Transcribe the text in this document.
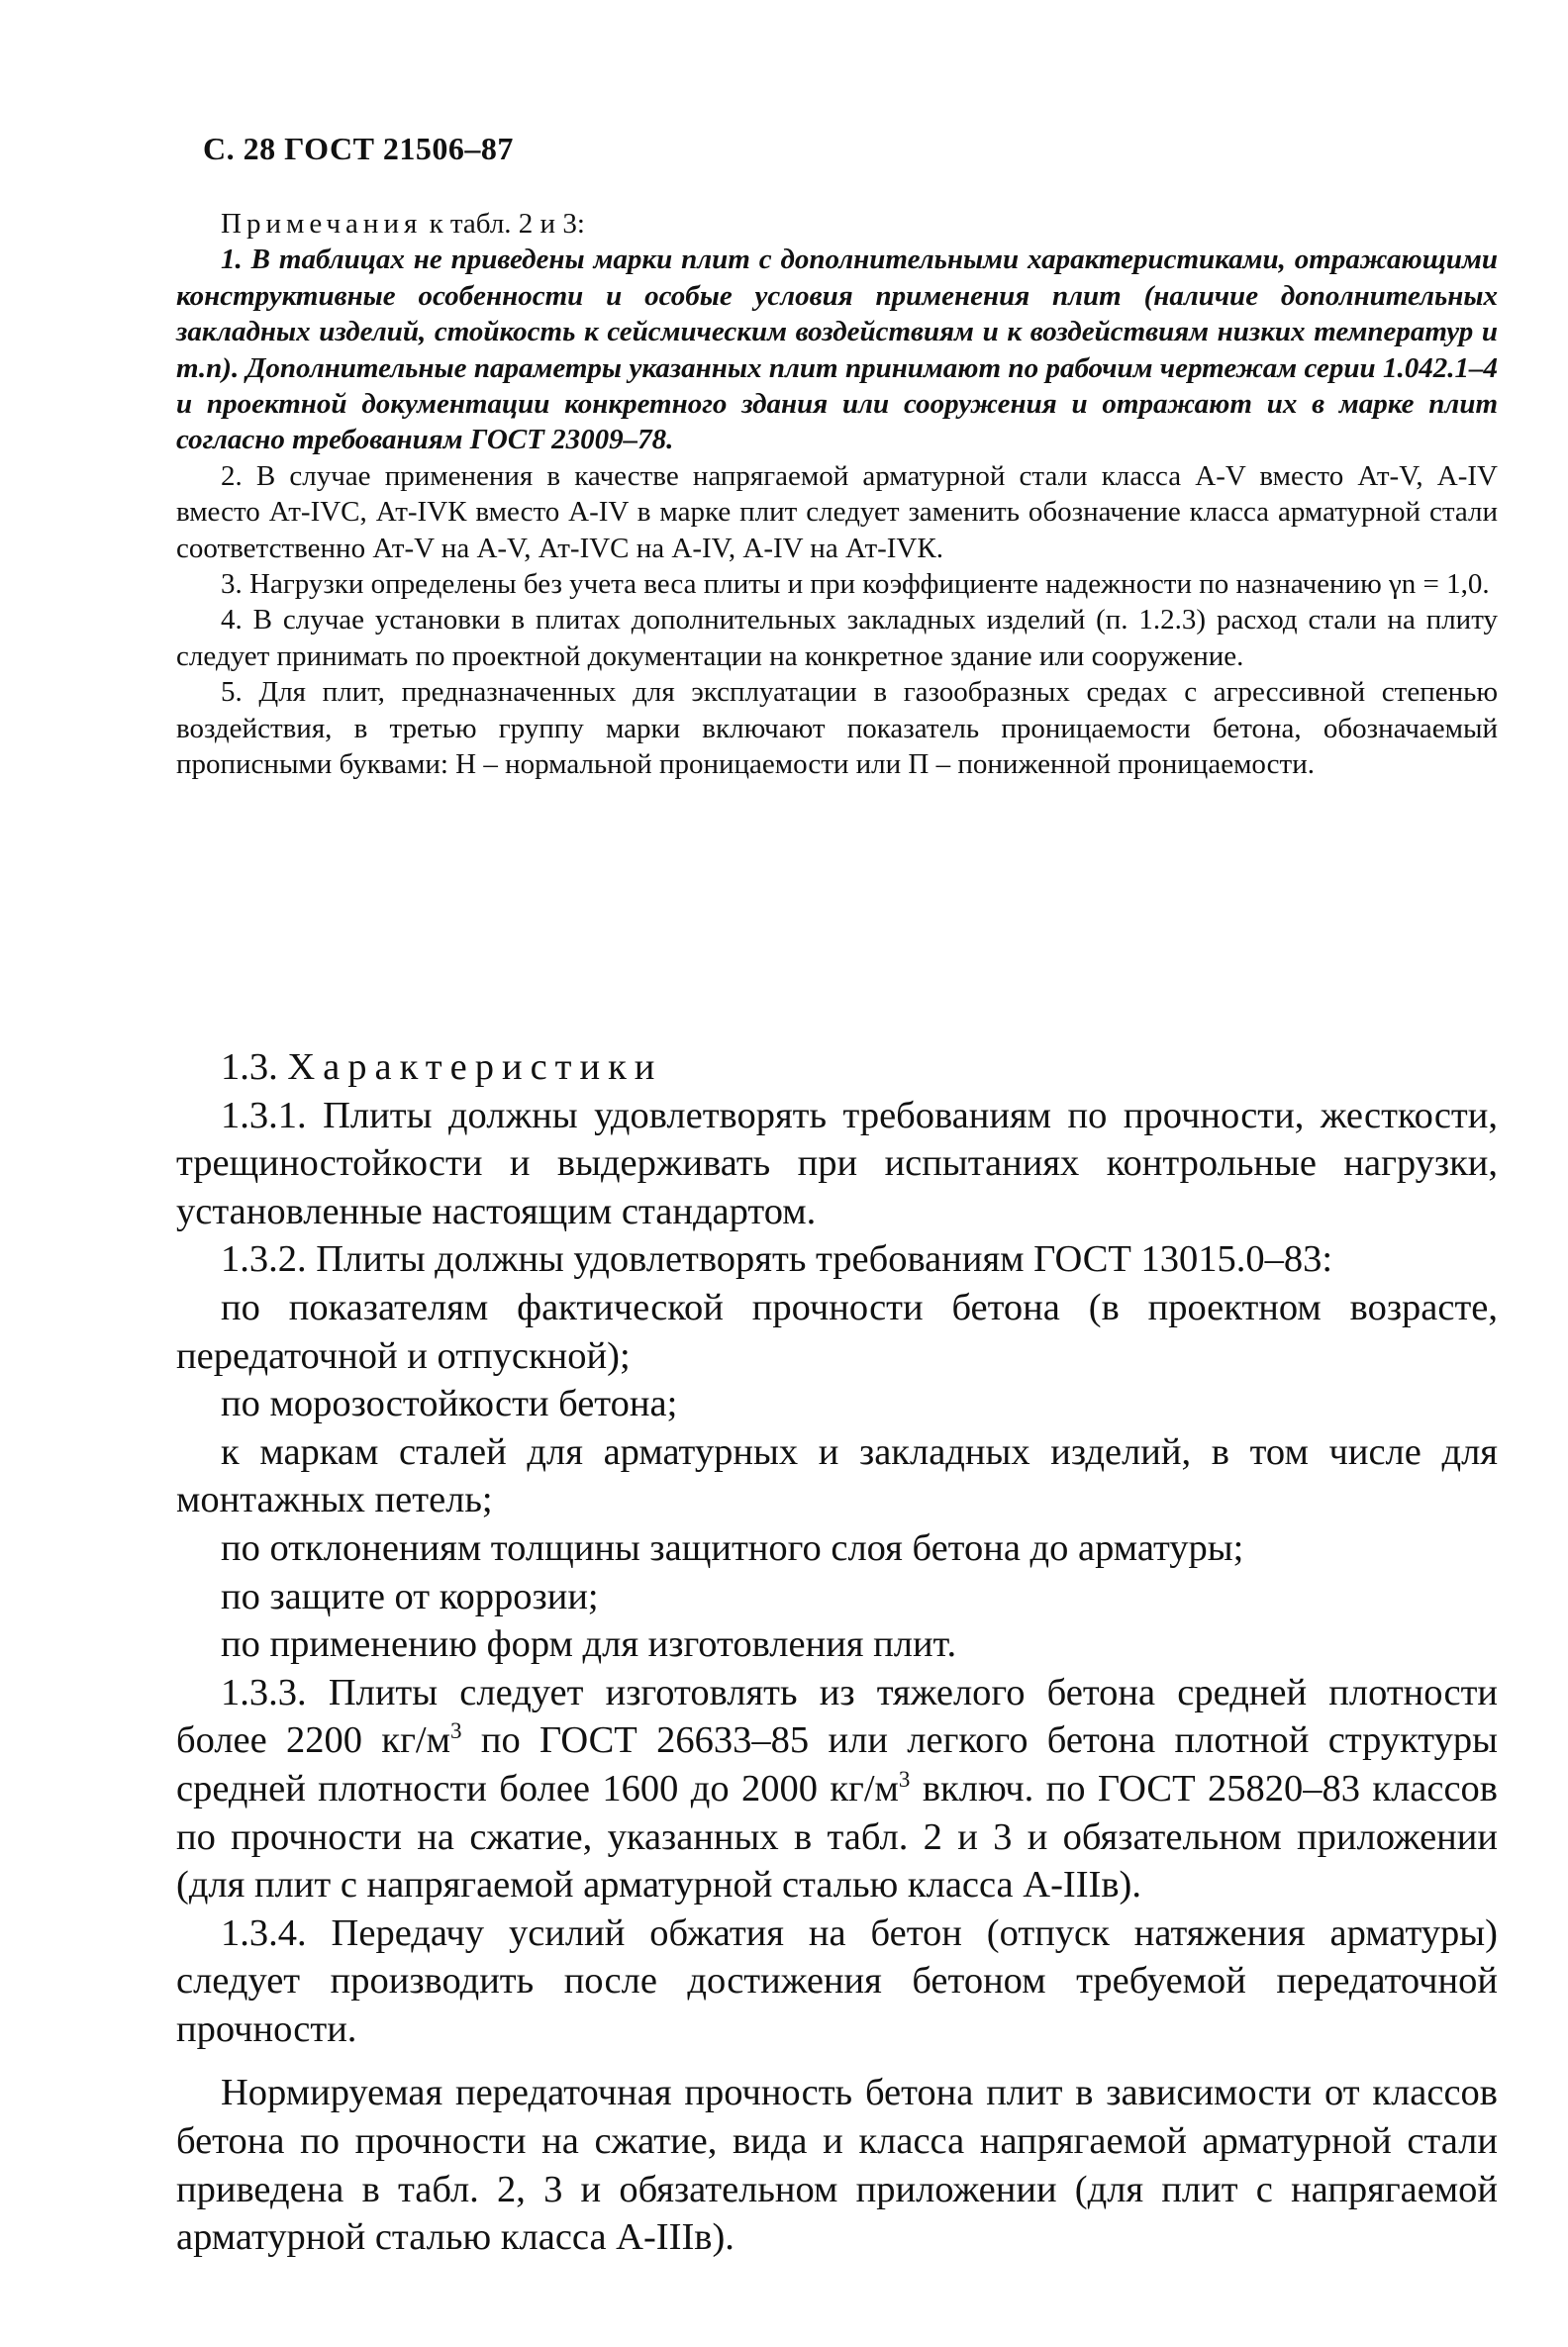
С. 28 ГОСТ 21506–87

Примечания к табл. 2 и 3:

1. В таблицах не приведены марки плит с дополнительными характеристиками, отражающими конструктивные особенности и особые условия применения плит (наличие дополнительных закладных изделий, стойкость к сейсмическим воздействиям и к воздействиям низких температур и т.п). Дополнительные параметры указанных плит принимают по рабочим чертежам серии 1.042.1–4 и проектной документации конкретного здания или сооружения и отражают их в марке плит согласно требованиям ГОСТ 23009–78.

2. В случае применения в качестве напрягаемой арматурной стали класса А-V вместо Ат-V, А-IV вместо Ат-IVС, Ат-IVК вместо А-IV в марке плит следует заменить обозначение класса арматурной стали соответственно Ат-V на А-V, Ат-IVС на А-IV, А-IV на Ат-IVК.

3. Нагрузки определены без учета веса плиты и при коэффициенте надежности по назначению γn = 1,0.

4. В случае установки в плитах дополнительных закладных изделий (п. 1.2.3) расход стали на плиту следует принимать по проектной документации на конкретное здание или сооружение.

5. Для плит, предназначенных для эксплуатации в газообразных средах с агрессивной степенью воздействия, в третью группу марки включают показатель проницаемости бетона, обозначаемый прописными буквами: Н – нормальной проницаемости или П – пониженной проницаемости.

1.3. Характеристики

1.3.1. Плиты должны удовлетворять требованиям по прочности, жесткости, трещиностойкости и выдерживать при испытаниях контрольные нагрузки, установленные настоящим стандартом.

1.3.2. Плиты должны удовлетворять требованиям ГОСТ 13015.0–83:

по показателям фактической прочности бетона (в проектном возрасте, передаточной и отпускной);

по морозостойкости бетона;

к маркам сталей для арматурных и закладных изделий, в том числе для монтажных петель;

по отклонениям толщины защитного слоя бетона до арматуры;

по защите от коррозии;

по применению форм для изготовления плит.

1.3.3. Плиты следует изготовлять из тяжелого бетона средней плотности более 2200 $кг/м^3$ по ГОСТ 26633–85 или легкого бетона плотной структуры средней плотности более 1600 до 2000 $кг/м^3$ включ. по ГОСТ 25820–83 классов по прочности на сжатие, указанных в табл. 2 и 3 и обязательном приложении (для плит с напрягаемой арматурной сталью класса А-IIIв).

1.3.4. Передачу усилий обжатия на бетон (отпуск натяжения арматуры) следует производить после достижения бетоном требуемой передаточной прочности.

Нормируемая передаточная прочность бетона плит в зависимости от классов бетона по прочности на сжатие, вида и класса напрягаемой арматурной стали приведена в табл. 2, 3 и обязательном приложении (для плит с напрягаемой арматурной сталью класса А-IIIв).
